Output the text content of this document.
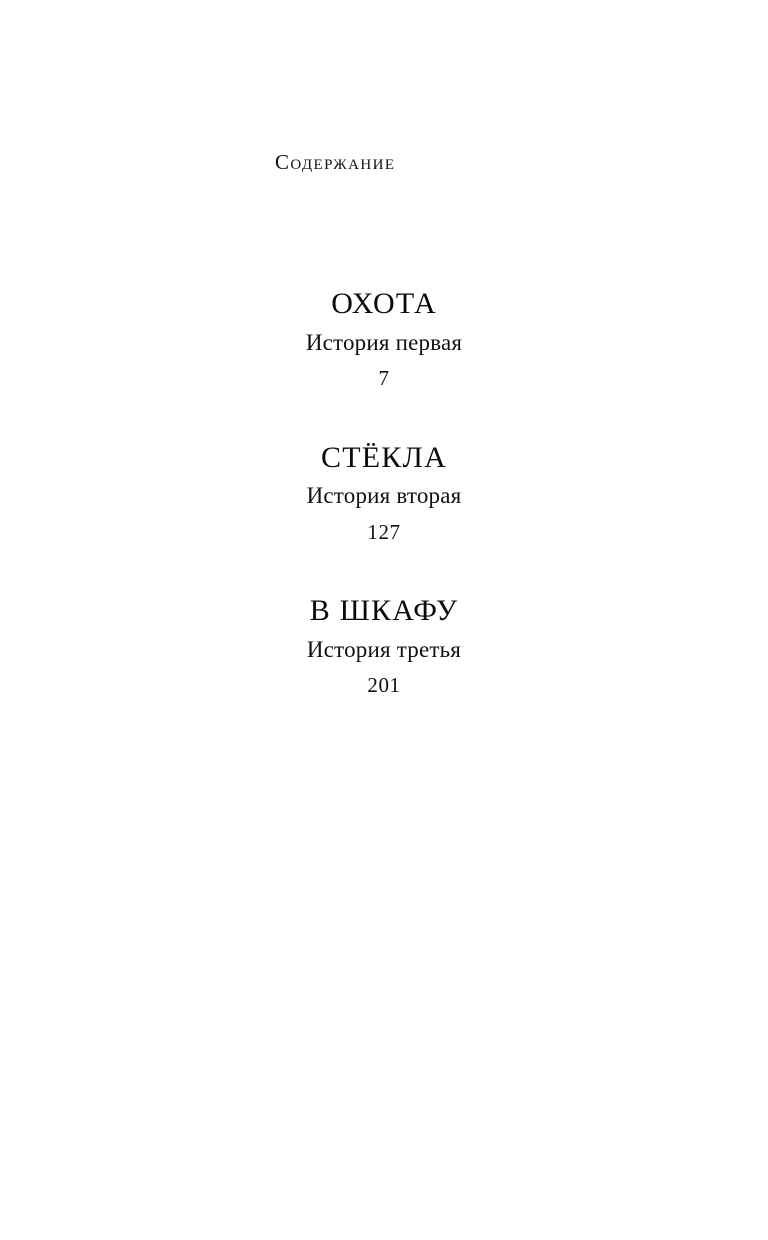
Содержание
ОХОТА
История первая
7
СТЁКЛА
История вторая
127
В ШКАФУ
История третья
201
